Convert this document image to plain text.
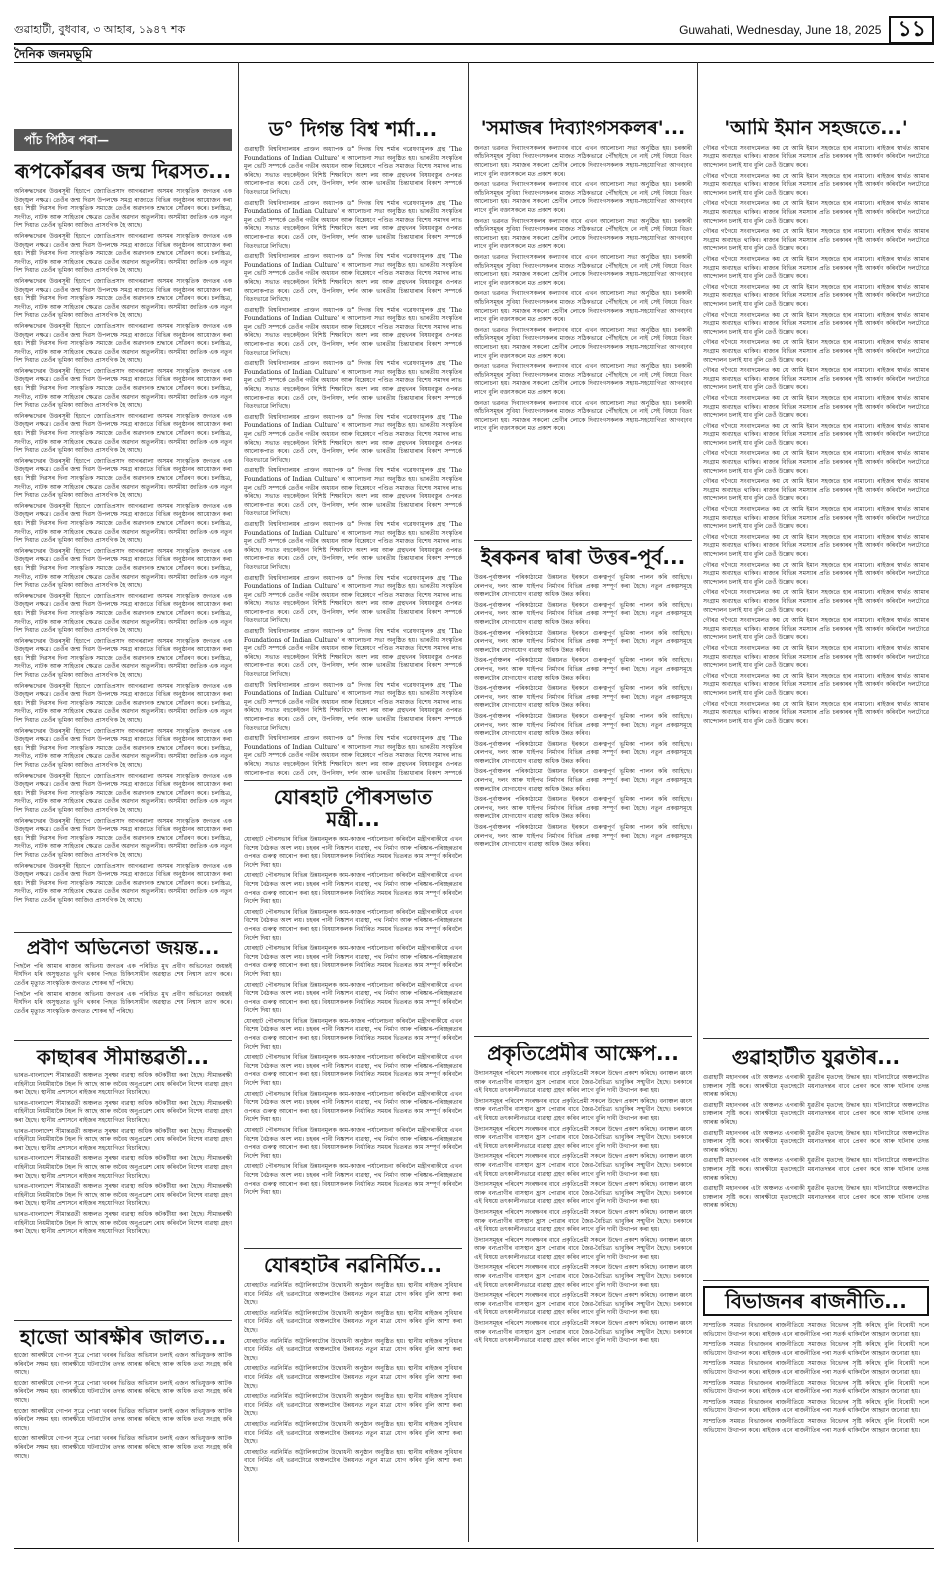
গুৱাহাটী, বুধবাৰ, ৩ আহাৰ, ১৯৪৭ শক	Guwahati, Wednesday, June 18, 2025 ১১
দৈনিক জনমভূমি
পাঁচ পিঠিৰ পৰা—
ৰূপকোঁৱৰৰ জন্ম দিৱসত...

অনিৰুদ্ধদেৱৰ উত্তৰসূৰী হিচাপে জ্যোতিপ্ৰসাদ আগৰৱালা অসমৰ সাংস্কৃতিক জগতৰ এক উজ্জ্বল নক্ষত্ৰ। তেওঁৰ জন্ম দিৱস উপলক্ষে সমগ্ৰ ৰাজ্যতে বিভিন্ন অনুষ্ঠানৰ আয়োজন কৰা হয়। শিল্পী দিৱসৰ দিনা সাংস্কৃতিক সমাজে তেওঁৰ অৱদানক শ্ৰদ্ধাৰে সোঁৱৰণ কৰে। চলচ্চিত্ৰ, সংগীত, নাটক আৰু সাহিত্যৰ ক্ষেত্ৰত তেওঁৰ অৱদান অতুলনীয়। অসমীয়া জাতিক এক নতুন দিশ দিয়াত তেওঁৰ ভূমিকা আজিও প্ৰাসংগিক হৈ আছে।

অনিৰুদ্ধদেৱৰ উত্তৰসূৰী হিচাপে জ্যোতিপ্ৰসাদ আগৰৱালা অসমৰ সাংস্কৃতিক জগতৰ এক উজ্জ্বল নক্ষত্ৰ। তেওঁৰ জন্ম দিৱস উপলক্ষে সমগ্ৰ ৰাজ্যতে বিভিন্ন অনুষ্ঠানৰ আয়োজন কৰা হয়। শিল্পী দিৱসৰ দিনা সাংস্কৃতিক সমাজে তেওঁৰ অৱদানক শ্ৰদ্ধাৰে সোঁৱৰণ কৰে। চলচ্চিত্ৰ, সংগীত, নাটক আৰু সাহিত্যৰ ক্ষেত্ৰত তেওঁৰ অৱদান অতুলনীয়। অসমীয়া জাতিক এক নতুন দিশ দিয়াত তেওঁৰ ভূমিকা আজিও প্ৰাসংগিক হৈ আছে।

অনিৰুদ্ধদেৱৰ উত্তৰসূৰী হিচাপে জ্যোতিপ্ৰসাদ আগৰৱালা অসমৰ সাংস্কৃতিক জগতৰ এক উজ্জ্বল নক্ষত্ৰ। তেওঁৰ জন্ম দিৱস উপলক্ষে সমগ্ৰ ৰাজ্যতে বিভিন্ন অনুষ্ঠানৰ আয়োজন কৰা হয়। শিল্পী দিৱসৰ দিনা সাংস্কৃতিক সমাজে তেওঁৰ অৱদানক শ্ৰদ্ধাৰে সোঁৱৰণ কৰে। চলচ্চিত্ৰ, সংগীত, নাটক আৰু সাহিত্যৰ ক্ষেত্ৰত তেওঁৰ অৱদান অতুলনীয়। অসমীয়া জাতিক এক নতুন দিশ দিয়াত তেওঁৰ ভূমিকা আজিও প্ৰাসংগিক হৈ আছে।

অনিৰুদ্ধদেৱৰ উত্তৰসূৰী হিচাপে জ্যোতিপ্ৰসাদ আগৰৱালা অসমৰ সাংস্কৃতিক জগতৰ এক উজ্জ্বল নক্ষত্ৰ। তেওঁৰ জন্ম দিৱস উপলক্ষে সমগ্ৰ ৰাজ্যতে বিভিন্ন অনুষ্ঠানৰ আয়োজন কৰা হয়। শিল্পী দিৱসৰ দিনা সাংস্কৃতিক সমাজে তেওঁৰ অৱদানক শ্ৰদ্ধাৰে সোঁৱৰণ কৰে। চলচ্চিত্ৰ, সংগীত, নাটক আৰু সাহিত্যৰ ক্ষেত্ৰত তেওঁৰ অৱদান অতুলনীয়। অসমীয়া জাতিক এক নতুন দিশ দিয়াত তেওঁৰ ভূমিকা আজিও প্ৰাসংগিক হৈ আছে।

অনিৰুদ্ধদেৱৰ উত্তৰসূৰী হিচাপে জ্যোতিপ্ৰসাদ আগৰৱালা অসমৰ সাংস্কৃতিক জগতৰ এক উজ্জ্বল নক্ষত্ৰ। তেওঁৰ জন্ম দিৱস উপলক্ষে সমগ্ৰ ৰাজ্যতে বিভিন্ন অনুষ্ঠানৰ আয়োজন কৰা হয়। শিল্পী দিৱসৰ দিনা সাংস্কৃতিক সমাজে তেওঁৰ অৱদানক শ্ৰদ্ধাৰে সোঁৱৰণ কৰে। চলচ্চিত্ৰ, সংগীত, নাটক আৰু সাহিত্যৰ ক্ষেত্ৰত তেওঁৰ অৱদান অতুলনীয়। অসমীয়া জাতিক এক নতুন দিশ দিয়াত তেওঁৰ ভূমিকা আজিও প্ৰাসংগিক হৈ আছে।

অনিৰুদ্ধদেৱৰ উত্তৰসূৰী হিচাপে জ্যোতিপ্ৰসাদ আগৰৱালা অসমৰ সাংস্কৃতিক জগতৰ এক উজ্জ্বল নক্ষত্ৰ। তেওঁৰ জন্ম দিৱস উপলক্ষে সমগ্ৰ ৰাজ্যতে বিভিন্ন অনুষ্ঠানৰ আয়োজন কৰা হয়। শিল্পী দিৱসৰ দিনা সাংস্কৃতিক সমাজে তেওঁৰ অৱদানক শ্ৰদ্ধাৰে সোঁৱৰণ কৰে। চলচ্চিত্ৰ, সংগীত, নাটক আৰু সাহিত্যৰ ক্ষেত্ৰত তেওঁৰ অৱদান অতুলনীয়। অসমীয়া জাতিক এক নতুন দিশ দিয়াত তেওঁৰ ভূমিকা আজিও প্ৰাসংগিক হৈ আছে।

অনিৰুদ্ধদেৱৰ উত্তৰসূৰী হিচাপে জ্যোতিপ্ৰসাদ আগৰৱালা অসমৰ সাংস্কৃতিক জগতৰ এক উজ্জ্বল নক্ষত্ৰ। তেওঁৰ জন্ম দিৱস উপলক্ষে সমগ্ৰ ৰাজ্যতে বিভিন্ন অনুষ্ঠানৰ আয়োজন কৰা হয়। শিল্পী দিৱসৰ দিনা সাংস্কৃতিক সমাজে তেওঁৰ অৱদানক শ্ৰদ্ধাৰে সোঁৱৰণ কৰে। চলচ্চিত্ৰ, সংগীত, নাটক আৰু সাহিত্যৰ ক্ষেত্ৰত তেওঁৰ অৱদান অতুলনীয়। অসমীয়া জাতিক এক নতুন দিশ দিয়াত তেওঁৰ ভূমিকা আজিও প্ৰাসংগিক হৈ আছে।

অনিৰুদ্ধদেৱৰ উত্তৰসূৰী হিচাপে জ্যোতিপ্ৰসাদ আগৰৱালা অসমৰ সাংস্কৃতিক জগতৰ এক উজ্জ্বল নক্ষত্ৰ। তেওঁৰ জন্ম দিৱস উপলক্ষে সমগ্ৰ ৰাজ্যতে বিভিন্ন অনুষ্ঠানৰ আয়োজন কৰা হয়। শিল্পী দিৱসৰ দিনা সাংস্কৃতিক সমাজে তেওঁৰ অৱদানক শ্ৰদ্ধাৰে সোঁৱৰণ কৰে। চলচ্চিত্ৰ, সংগীত, নাটক আৰু সাহিত্যৰ ক্ষেত্ৰত তেওঁৰ অৱদান অতুলনীয়। অসমীয়া জাতিক এক নতুন দিশ দিয়াত তেওঁৰ ভূমিকা আজিও প্ৰাসংগিক হৈ আছে।

অনিৰুদ্ধদেৱৰ উত্তৰসূৰী হিচাপে জ্যোতিপ্ৰসাদ আগৰৱালা অসমৰ সাংস্কৃতিক জগতৰ এক উজ্জ্বল নক্ষত্ৰ। তেওঁৰ জন্ম দিৱস উপলক্ষে সমগ্ৰ ৰাজ্যতে বিভিন্ন অনুষ্ঠানৰ আয়োজন কৰা হয়। শিল্পী দিৱসৰ দিনা সাংস্কৃতিক সমাজে তেওঁৰ অৱদানক শ্ৰদ্ধাৰে সোঁৱৰণ কৰে। চলচ্চিত্ৰ, সংগীত, নাটক আৰু সাহিত্যৰ ক্ষেত্ৰত তেওঁৰ অৱদান অতুলনীয়। অসমীয়া জাতিক এক নতুন দিশ দিয়াত তেওঁৰ ভূমিকা আজিও প্ৰাসংগিক হৈ আছে।

অনিৰুদ্ধদেৱৰ উত্তৰসূৰী হিচাপে জ্যোতিপ্ৰসাদ আগৰৱালা অসমৰ সাংস্কৃতিক জগতৰ এক উজ্জ্বল নক্ষত্ৰ। তেওঁৰ জন্ম দিৱস উপলক্ষে সমগ্ৰ ৰাজ্যতে বিভিন্ন অনুষ্ঠানৰ আয়োজন কৰা হয়। শিল্পী দিৱসৰ দিনা সাংস্কৃতিক সমাজে তেওঁৰ অৱদানক শ্ৰদ্ধাৰে সোঁৱৰণ কৰে। চলচ্চিত্ৰ, সংগীত, নাটক আৰু সাহিত্যৰ ক্ষেত্ৰত তেওঁৰ অৱদান অতুলনীয়। অসমীয়া জাতিক এক নতুন দিশ দিয়াত তেওঁৰ ভূমিকা আজিও প্ৰাসংগিক হৈ আছে।

অনিৰুদ্ধদেৱৰ উত্তৰসূৰী হিচাপে জ্যোতিপ্ৰসাদ আগৰৱালা অসমৰ সাংস্কৃতিক জগতৰ এক উজ্জ্বল নক্ষত্ৰ। তেওঁৰ জন্ম দিৱস উপলক্ষে সমগ্ৰ ৰাজ্যতে বিভিন্ন অনুষ্ঠানৰ আয়োজন কৰা হয়। শিল্পী দিৱসৰ দিনা সাংস্কৃতিক সমাজে তেওঁৰ অৱদানক শ্ৰদ্ধাৰে সোঁৱৰণ কৰে। চলচ্চিত্ৰ, সংগীত, নাটক আৰু সাহিত্যৰ ক্ষেত্ৰত তেওঁৰ অৱদান অতুলনীয়। অসমীয়া জাতিক এক নতুন দিশ দিয়াত তেওঁৰ ভূমিকা আজিও প্ৰাসংগিক হৈ আছে।

অনিৰুদ্ধদেৱৰ উত্তৰসূৰী হিচাপে জ্যোতিপ্ৰসাদ আগৰৱালা অসমৰ সাংস্কৃতিক জগতৰ এক উজ্জ্বল নক্ষত্ৰ। তেওঁৰ জন্ম দিৱস উপলক্ষে সমগ্ৰ ৰাজ্যতে বিভিন্ন অনুষ্ঠানৰ আয়োজন কৰা হয়। শিল্পী দিৱসৰ দিনা সাংস্কৃতিক সমাজে তেওঁৰ অৱদানক শ্ৰদ্ধাৰে সোঁৱৰণ কৰে। চলচ্চিত্ৰ, সংগীত, নাটক আৰু সাহিত্যৰ ক্ষেত্ৰত তেওঁৰ অৱদান অতুলনীয়। অসমীয়া জাতিক এক নতুন দিশ দিয়াত তেওঁৰ ভূমিকা আজিও প্ৰাসংগিক হৈ আছে।

অনিৰুদ্ধদেৱৰ উত্তৰসূৰী হিচাপে জ্যোতিপ্ৰসাদ আগৰৱালা অসমৰ সাংস্কৃতিক জগতৰ এক উজ্জ্বল নক্ষত্ৰ। তেওঁৰ জন্ম দিৱস উপলক্ষে সমগ্ৰ ৰাজ্যতে বিভিন্ন অনুষ্ঠানৰ আয়োজন কৰা হয়। শিল্পী দিৱসৰ দিনা সাংস্কৃতিক সমাজে তেওঁৰ অৱদানক শ্ৰদ্ধাৰে সোঁৱৰণ কৰে। চলচ্চিত্ৰ, সংগীত, নাটক আৰু সাহিত্যৰ ক্ষেত্ৰত তেওঁৰ অৱদান অতুলনীয়। অসমীয়া জাতিক এক নতুন দিশ দিয়াত তেওঁৰ ভূমিকা আজিও প্ৰাসংগিক হৈ আছে।

অনিৰুদ্ধদেৱৰ উত্তৰসূৰী হিচাপে জ্যোতিপ্ৰসাদ আগৰৱালা অসমৰ সাংস্কৃতিক জগতৰ এক উজ্জ্বল নক্ষত্ৰ। তেওঁৰ জন্ম দিৱস উপলক্ষে সমগ্ৰ ৰাজ্যতে বিভিন্ন অনুষ্ঠানৰ আয়োজন কৰা হয়। শিল্পী দিৱসৰ দিনা সাংস্কৃতিক সমাজে তেওঁৰ অৱদানক শ্ৰদ্ধাৰে সোঁৱৰণ কৰে। চলচ্চিত্ৰ, সংগীত, নাটক আৰু সাহিত্যৰ ক্ষেত্ৰত তেওঁৰ অৱদান অতুলনীয়। অসমীয়া জাতিক এক নতুন দিশ দিয়াত তেওঁৰ ভূমিকা আজিও প্ৰাসংগিক হৈ আছে।

অনিৰুদ্ধদেৱৰ উত্তৰসূৰী হিচাপে জ্যোতিপ্ৰসাদ আগৰৱালা অসমৰ সাংস্কৃতিক জগতৰ এক উজ্জ্বল নক্ষত্ৰ। তেওঁৰ জন্ম দিৱস উপলক্ষে সমগ্ৰ ৰাজ্যতে বিভিন্ন অনুষ্ঠানৰ আয়োজন কৰা হয়। শিল্পী দিৱসৰ দিনা সাংস্কৃতিক সমাজে তেওঁৰ অৱদানক শ্ৰদ্ধাৰে সোঁৱৰণ কৰে। চলচ্চিত্ৰ, সংগীত, নাটক আৰু সাহিত্যৰ ক্ষেত্ৰত তেওঁৰ অৱদান অতুলনীয়। অসমীয়া জাতিক এক নতুন দিশ দিয়াত তেওঁৰ ভূমিকা আজিও প্ৰাসংগিক হৈ আছে।

অনিৰুদ্ধদেৱৰ উত্তৰসূৰী হিচাপে জ্যোতিপ্ৰসাদ আগৰৱালা অসমৰ সাংস্কৃতিক জগতৰ এক উজ্জ্বল নক্ষত্ৰ। তেওঁৰ জন্ম দিৱস উপলক্ষে সমগ্ৰ ৰাজ্যতে বিভিন্ন অনুষ্ঠানৰ আয়োজন কৰা হয়। শিল্পী দিৱসৰ দিনা সাংস্কৃতিক সমাজে তেওঁৰ অৱদানক শ্ৰদ্ধাৰে সোঁৱৰণ কৰে। চলচ্চিত্ৰ, সংগীত, নাটক আৰু সাহিত্যৰ ক্ষেত্ৰত তেওঁৰ অৱদান অতুলনীয়। অসমীয়া জাতিক এক নতুন দিশ দিয়াত তেওঁৰ ভূমিকা আজিও প্ৰাসংগিক হৈ আছে।

প্ৰবীণ অভিনেতা জয়ন্ত...

পিছলৈ পৰি আমাৰ ৰাজ্যৰ অভিনয় জগতৰ এক পৰিচিত মুখ প্ৰবীণ অভিনেতা জয়ন্তই দীৰ্ঘদিন ধৰি অসুস্থতাত ভুগি থকাৰ পিছত চিকিৎসাধীন অৱস্থাত শেষ নিশ্বাস ত্যাগ কৰে। তেওঁৰ মৃত্যুত সাংস্কৃতিক জগতত শোকৰ ছাঁ পৰিছে।

পিছলৈ পৰি আমাৰ ৰাজ্যৰ অভিনয় জগতৰ এক পৰিচিত মুখ প্ৰবীণ অভিনেতা জয়ন্তই দীৰ্ঘদিন ধৰি অসুস্থতাত ভুগি থকাৰ পিছত চিকিৎসাধীন অৱস্থাত শেষ নিশ্বাস ত্যাগ কৰে। তেওঁৰ মৃত্যুত সাংস্কৃতিক জগতত শোকৰ ছাঁ পৰিছে।

কাছাৰৰ সীমান্তৱৰ্তী...

ভাৰত-বাংলাদেশ সীমান্তৱৰ্তী অঞ্চলত সুৰক্ষা ব্যৱস্থা অধিক কটকটীয়া কৰা হৈছে। সীমান্তৰক্ষী বাহিনীয়ে নিয়মীয়াকৈ টহল দি আছে আৰু অবৈধ অনুপ্ৰৱেশ ৰোধ কৰিবলৈ বিশেষ ব্যৱস্থা গ্ৰহণ কৰা হৈছে। স্থানীয় প্ৰশাসনে ৰাইজৰ সহযোগিতা বিচাৰিছে।

ভাৰত-বাংলাদেশ সীমান্তৱৰ্তী অঞ্চলত সুৰক্ষা ব্যৱস্থা অধিক কটকটীয়া কৰা হৈছে। সীমান্তৰক্ষী বাহিনীয়ে নিয়মীয়াকৈ টহল দি আছে আৰু অবৈধ অনুপ্ৰৱেশ ৰোধ কৰিবলৈ বিশেষ ব্যৱস্থা গ্ৰহণ কৰা হৈছে। স্থানীয় প্ৰশাসনে ৰাইজৰ সহযোগিতা বিচাৰিছে।

ভাৰত-বাংলাদেশ সীমান্তৱৰ্তী অঞ্চলত সুৰক্ষা ব্যৱস্থা অধিক কটকটীয়া কৰা হৈছে। সীমান্তৰক্ষী বাহিনীয়ে নিয়মীয়াকৈ টহল দি আছে আৰু অবৈধ অনুপ্ৰৱেশ ৰোধ কৰিবলৈ বিশেষ ব্যৱস্থা গ্ৰহণ কৰা হৈছে। স্থানীয় প্ৰশাসনে ৰাইজৰ সহযোগিতা বিচাৰিছে।

ভাৰত-বাংলাদেশ সীমান্তৱৰ্তী অঞ্চলত সুৰক্ষা ব্যৱস্থা অধিক কটকটীয়া কৰা হৈছে। সীমান্তৰক্ষী বাহিনীয়ে নিয়মীয়াকৈ টহল দি আছে আৰু অবৈধ অনুপ্ৰৱেশ ৰোধ কৰিবলৈ বিশেষ ব্যৱস্থা গ্ৰহণ কৰা হৈছে। স্থানীয় প্ৰশাসনে ৰাইজৰ সহযোগিতা বিচাৰিছে।

ভাৰত-বাংলাদেশ সীমান্তৱৰ্তী অঞ্চলত সুৰক্ষা ব্যৱস্থা অধিক কটকটীয়া কৰা হৈছে। সীমান্তৰক্ষী বাহিনীয়ে নিয়মীয়াকৈ টহল দি আছে আৰু অবৈধ অনুপ্ৰৱেশ ৰোধ কৰিবলৈ বিশেষ ব্যৱস্থা গ্ৰহণ কৰা হৈছে। স্থানীয় প্ৰশাসনে ৰাইজৰ সহযোগিতা বিচাৰিছে।

ভাৰত-বাংলাদেশ সীমান্তৱৰ্তী অঞ্চলত সুৰক্ষা ব্যৱস্থা অধিক কটকটীয়া কৰা হৈছে। সীমান্তৰক্ষী বাহিনীয়ে নিয়মীয়াকৈ টহল দি আছে আৰু অবৈধ অনুপ্ৰৱেশ ৰোধ কৰিবলৈ বিশেষ ব্যৱস্থা গ্ৰহণ কৰা হৈছে। স্থানীয় প্ৰশাসনে ৰাইজৰ সহযোগিতা বিচাৰিছে।

হাজো আৰক্ষীৰ জালত...

হাজো আৰক্ষীয়ে গোপন সূত্ৰে পোৱা খবৰৰ ভিত্তিত অভিযান চলাই এজন অভিযুক্তক আটক কৰিবলৈ সক্ষম হয়। আৰক্ষীয়ে ঘটনাটোৰ তদন্ত আৰম্ভ কৰিছে আৰু অধিক তথ্য সংগ্ৰহ কৰি আছে।

হাজো আৰক্ষীয়ে গোপন সূত্ৰে পোৱা খবৰৰ ভিত্তিত অভিযান চলাই এজন অভিযুক্তক আটক কৰিবলৈ সক্ষম হয়। আৰক্ষীয়ে ঘটনাটোৰ তদন্ত আৰম্ভ কৰিছে আৰু অধিক তথ্য সংগ্ৰহ কৰি আছে।

হাজো আৰক্ষীয়ে গোপন সূত্ৰে পোৱা খবৰৰ ভিত্তিত অভিযান চলাই এজন অভিযুক্তক আটক কৰিবলৈ সক্ষম হয়। আৰক্ষীয়ে ঘটনাটোৰ তদন্ত আৰম্ভ কৰিছে আৰু অধিক তথ্য সংগ্ৰহ কৰি আছে।

হাজো আৰক্ষীয়ে গোপন সূত্ৰে পোৱা খবৰৰ ভিত্তিত অভিযান চলাই এজন অভিযুক্তক আটক কৰিবলৈ সক্ষম হয়। আৰক্ষীয়ে ঘটনাটোৰ তদন্ত আৰম্ভ কৰিছে আৰু অধিক তথ্য সংগ্ৰহ কৰি আছে।

ড° দিগন্ত বিশ্ব শৰ্মা...

গুৱাহাটী বিশ্ববিদ্যালয়ৰ প্ৰাক্তন অধ্যাপক ড° দিগন্ত বিশ্ব শৰ্মাৰ গৱেষণামূলক গ্ৰন্থ 'The Foundations of Indian Culture' ৰ আলোচনা সভা অনুষ্ঠিত হয়। ভাৰতীয় সংস্কৃতিৰ মূল ভেটি সম্পৰ্কে তেওঁৰ গভীৰ অধ্যয়ন আৰু বিশ্লেষণে পণ্ডিত সমাজত বিশেষ সমাদৰ লাভ কৰিছে। সভাত বহুকেইজন বিশিষ্ট শিক্ষাবিদে অংশ লয় আৰু গ্ৰন্থখনৰ বিষয়বস্তুৰ ওপৰত আলোকপাত কৰে। তেওঁ বেদ, উপনিষদ, দৰ্শন আৰু ভাৰতীয় চিন্তাধাৰাৰ বিকাশ সম্পৰ্কে বিতংভাৱে লিখিছে।

গুৱাহাটী বিশ্ববিদ্যালয়ৰ প্ৰাক্তন অধ্যাপক ড° দিগন্ত বিশ্ব শৰ্মাৰ গৱেষণামূলক গ্ৰন্থ 'The Foundations of Indian Culture' ৰ আলোচনা সভা অনুষ্ঠিত হয়। ভাৰতীয় সংস্কৃতিৰ মূল ভেটি সম্পৰ্কে তেওঁৰ গভীৰ অধ্যয়ন আৰু বিশ্লেষণে পণ্ডিত সমাজত বিশেষ সমাদৰ লাভ কৰিছে। সভাত বহুকেইজন বিশিষ্ট শিক্ষাবিদে অংশ লয় আৰু গ্ৰন্থখনৰ বিষয়বস্তুৰ ওপৰত আলোকপাত কৰে। তেওঁ বেদ, উপনিষদ, দৰ্শন আৰু ভাৰতীয় চিন্তাধাৰাৰ বিকাশ সম্পৰ্কে বিতংভাৱে লিখিছে।

গুৱাহাটী বিশ্ববিদ্যালয়ৰ প্ৰাক্তন অধ্যাপক ড° দিগন্ত বিশ্ব শৰ্মাৰ গৱেষণামূলক গ্ৰন্থ 'The Foundations of Indian Culture' ৰ আলোচনা সভা অনুষ্ঠিত হয়। ভাৰতীয় সংস্কৃতিৰ মূল ভেটি সম্পৰ্কে তেওঁৰ গভীৰ অধ্যয়ন আৰু বিশ্লেষণে পণ্ডিত সমাজত বিশেষ সমাদৰ লাভ কৰিছে। সভাত বহুকেইজন বিশিষ্ট শিক্ষাবিদে অংশ লয় আৰু গ্ৰন্থখনৰ বিষয়বস্তুৰ ওপৰত আলোকপাত কৰে। তেওঁ বেদ, উপনিষদ, দৰ্শন আৰু ভাৰতীয় চিন্তাধাৰাৰ বিকাশ সম্পৰ্কে বিতংভাৱে লিখিছে।

গুৱাহাটী বিশ্ববিদ্যালয়ৰ প্ৰাক্তন অধ্যাপক ড° দিগন্ত বিশ্ব শৰ্মাৰ গৱেষণামূলক গ্ৰন্থ 'The Foundations of Indian Culture' ৰ আলোচনা সভা অনুষ্ঠিত হয়। ভাৰতীয় সংস্কৃতিৰ মূল ভেটি সম্পৰ্কে তেওঁৰ গভীৰ অধ্যয়ন আৰু বিশ্লেষণে পণ্ডিত সমাজত বিশেষ সমাদৰ লাভ কৰিছে। সভাত বহুকেইজন বিশিষ্ট শিক্ষাবিদে অংশ লয় আৰু গ্ৰন্থখনৰ বিষয়বস্তুৰ ওপৰত আলোকপাত কৰে। তেওঁ বেদ, উপনিষদ, দৰ্শন আৰু ভাৰতীয় চিন্তাধাৰাৰ বিকাশ সম্পৰ্কে বিতংভাৱে লিখিছে।

গুৱাহাটী বিশ্ববিদ্যালয়ৰ প্ৰাক্তন অধ্যাপক ড° দিগন্ত বিশ্ব শৰ্মাৰ গৱেষণামূলক গ্ৰন্থ 'The Foundations of Indian Culture' ৰ আলোচনা সভা অনুষ্ঠিত হয়। ভাৰতীয় সংস্কৃতিৰ মূল ভেটি সম্পৰ্কে তেওঁৰ গভীৰ অধ্যয়ন আৰু বিশ্লেষণে পণ্ডিত সমাজত বিশেষ সমাদৰ লাভ কৰিছে। সভাত বহুকেইজন বিশিষ্ট শিক্ষাবিদে অংশ লয় আৰু গ্ৰন্থখনৰ বিষয়বস্তুৰ ওপৰত আলোকপাত কৰে। তেওঁ বেদ, উপনিষদ, দৰ্শন আৰু ভাৰতীয় চিন্তাধাৰাৰ বিকাশ সম্পৰ্কে বিতংভাৱে লিখিছে।

গুৱাহাটী বিশ্ববিদ্যালয়ৰ প্ৰাক্তন অধ্যাপক ড° দিগন্ত বিশ্ব শৰ্মাৰ গৱেষণামূলক গ্ৰন্থ 'The Foundations of Indian Culture' ৰ আলোচনা সভা অনুষ্ঠিত হয়। ভাৰতীয় সংস্কৃতিৰ মূল ভেটি সম্পৰ্কে তেওঁৰ গভীৰ অধ্যয়ন আৰু বিশ্লেষণে পণ্ডিত সমাজত বিশেষ সমাদৰ লাভ কৰিছে। সভাত বহুকেইজন বিশিষ্ট শিক্ষাবিদে অংশ লয় আৰু গ্ৰন্থখনৰ বিষয়বস্তুৰ ওপৰত আলোকপাত কৰে। তেওঁ বেদ, উপনিষদ, দৰ্শন আৰু ভাৰতীয় চিন্তাধাৰাৰ বিকাশ সম্পৰ্কে বিতংভাৱে লিখিছে।

গুৱাহাটী বিশ্ববিদ্যালয়ৰ প্ৰাক্তন অধ্যাপক ড° দিগন্ত বিশ্ব শৰ্মাৰ গৱেষণামূলক গ্ৰন্থ 'The Foundations of Indian Culture' ৰ আলোচনা সভা অনুষ্ঠিত হয়। ভাৰতীয় সংস্কৃতিৰ মূল ভেটি সম্পৰ্কে তেওঁৰ গভীৰ অধ্যয়ন আৰু বিশ্লেষণে পণ্ডিত সমাজত বিশেষ সমাদৰ লাভ কৰিছে। সভাত বহুকেইজন বিশিষ্ট শিক্ষাবিদে অংশ লয় আৰু গ্ৰন্থখনৰ বিষয়বস্তুৰ ওপৰত আলোকপাত কৰে। তেওঁ বেদ, উপনিষদ, দৰ্শন আৰু ভাৰতীয় চিন্তাধাৰাৰ বিকাশ সম্পৰ্কে বিতংভাৱে লিখিছে।

গুৱাহাটী বিশ্ববিদ্যালয়ৰ প্ৰাক্তন অধ্যাপক ড° দিগন্ত বিশ্ব শৰ্মাৰ গৱেষণামূলক গ্ৰন্থ 'The Foundations of Indian Culture' ৰ আলোচনা সভা অনুষ্ঠিত হয়। ভাৰতীয় সংস্কৃতিৰ মূল ভেটি সম্পৰ্কে তেওঁৰ গভীৰ অধ্যয়ন আৰু বিশ্লেষণে পণ্ডিত সমাজত বিশেষ সমাদৰ লাভ কৰিছে। সভাত বহুকেইজন বিশিষ্ট শিক্ষাবিদে অংশ লয় আৰু গ্ৰন্থখনৰ বিষয়বস্তুৰ ওপৰত আলোকপাত কৰে। তেওঁ বেদ, উপনিষদ, দৰ্শন আৰু ভাৰতীয় চিন্তাধাৰাৰ বিকাশ সম্পৰ্কে বিতংভাৱে লিখিছে।

গুৱাহাটী বিশ্ববিদ্যালয়ৰ প্ৰাক্তন অধ্যাপক ড° দিগন্ত বিশ্ব শৰ্মাৰ গৱেষণামূলক গ্ৰন্থ 'The Foundations of Indian Culture' ৰ আলোচনা সভা অনুষ্ঠিত হয়। ভাৰতীয় সংস্কৃতিৰ মূল ভেটি সম্পৰ্কে তেওঁৰ গভীৰ অধ্যয়ন আৰু বিশ্লেষণে পণ্ডিত সমাজত বিশেষ সমাদৰ লাভ কৰিছে। সভাত বহুকেইজন বিশিষ্ট শিক্ষাবিদে অংশ লয় আৰু গ্ৰন্থখনৰ বিষয়বস্তুৰ ওপৰত আলোকপাত কৰে। তেওঁ বেদ, উপনিষদ, দৰ্শন আৰু ভাৰতীয় চিন্তাধাৰাৰ বিকাশ সম্পৰ্কে বিতংভাৱে লিখিছে।

গুৱাহাটী বিশ্ববিদ্যালয়ৰ প্ৰাক্তন অধ্যাপক ড° দিগন্ত বিশ্ব শৰ্মাৰ গৱেষণামূলক গ্ৰন্থ 'The Foundations of Indian Culture' ৰ আলোচনা সভা অনুষ্ঠিত হয়। ভাৰতীয় সংস্কৃতিৰ মূল ভেটি সম্পৰ্কে তেওঁৰ গভীৰ অধ্যয়ন আৰু বিশ্লেষণে পণ্ডিত সমাজত বিশেষ সমাদৰ লাভ কৰিছে। সভাত বহুকেইজন বিশিষ্ট শিক্ষাবিদে অংশ লয় আৰু গ্ৰন্থখনৰ বিষয়বস্তুৰ ওপৰত আলোকপাত কৰে। তেওঁ বেদ, উপনিষদ, দৰ্শন আৰু ভাৰতীয় চিন্তাধাৰাৰ বিকাশ সম্পৰ্কে বিতংভাৱে লিখিছে।

গুৱাহাটী বিশ্ববিদ্যালয়ৰ প্ৰাক্তন অধ্যাপক ড° দিগন্ত বিশ্ব শৰ্মাৰ গৱেষণামূলক গ্ৰন্থ 'The Foundations of Indian Culture' ৰ আলোচনা সভা অনুষ্ঠিত হয়। ভাৰতীয় সংস্কৃতিৰ মূল ভেটি সম্পৰ্কে তেওঁৰ গভীৰ অধ্যয়ন আৰু বিশ্লেষণে পণ্ডিত সমাজত বিশেষ সমাদৰ লাভ কৰিছে। সভাত বহুকেইজন বিশিষ্ট শিক্ষাবিদে অংশ লয় আৰু গ্ৰন্থখনৰ বিষয়বস্তুৰ ওপৰত আলোকপাত কৰে। তেওঁ বেদ, উপনিষদ, দৰ্শন আৰু ভাৰতীয় চিন্তাধাৰাৰ বিকাশ সম্পৰ্কে বিতংভাৱে লিখিছে।

গুৱাহাটী বিশ্ববিদ্যালয়ৰ প্ৰাক্তন অধ্যাপক ড° দিগন্ত বিশ্ব শৰ্মাৰ গৱেষণামূলক গ্ৰন্থ 'The Foundations of Indian Culture' ৰ আলোচনা সভা অনুষ্ঠিত হয়। ভাৰতীয় সংস্কৃতিৰ মূল ভেটি সম্পৰ্কে তেওঁৰ গভীৰ অধ্যয়ন আৰু বিশ্লেষণে পণ্ডিত সমাজত বিশেষ সমাদৰ লাভ কৰিছে। সভাত বহুকেইজন বিশিষ্ট শিক্ষাবিদে অংশ লয় আৰু গ্ৰন্থখনৰ বিষয়বস্তুৰ ওপৰত আলোকপাত কৰে। তেওঁ বেদ, উপনিষদ, দৰ্শন আৰু ভাৰতীয় চিন্তাধাৰাৰ বিকাশ সম্পৰ্কে

যোৰহাট পৌৰসভাত মন্ত্ৰী...

যোৰহাট পৌৰসভাৰ বিভিন্ন উন্নয়নমূলক কাম-কাজৰ পৰ্যালোচনা কৰিবলৈ মন্ত্ৰীগৰাকীয়ে এখন বিশেষ বৈঠকত অংশ লয়। চহৰৰ পানী নিষ্কাশন ব্যৱস্থা, পথ নিৰ্মাণ আৰু পৰিষ্কাৰ-পৰিচ্ছন্নতাৰ ওপৰত গুৰুত্ব আৰোপ কৰা হয়। বিষয়াসকলক নিৰ্ধাৰিত সময়ৰ ভিতৰত কাম সম্পূৰ্ণ কৰিবলৈ নিৰ্দেশ দিয়া হয়।

যোৰহাট পৌৰসভাৰ বিভিন্ন উন্নয়নমূলক কাম-কাজৰ পৰ্যালোচনা কৰিবলৈ মন্ত্ৰীগৰাকীয়ে এখন বিশেষ বৈঠকত অংশ লয়। চহৰৰ পানী নিষ্কাশন ব্যৱস্থা, পথ নিৰ্মাণ আৰু পৰিষ্কাৰ-পৰিচ্ছন্নতাৰ ওপৰত গুৰুত্ব আৰোপ কৰা হয়। বিষয়াসকলক নিৰ্ধাৰিত সময়ৰ ভিতৰত কাম সম্পূৰ্ণ কৰিবলৈ নিৰ্দেশ দিয়া হয়।

যোৰহাট পৌৰসভাৰ বিভিন্ন উন্নয়নমূলক কাম-কাজৰ পৰ্যালোচনা কৰিবলৈ মন্ত্ৰীগৰাকীয়ে এখন বিশেষ বৈঠকত অংশ লয়। চহৰৰ পানী নিষ্কাশন ব্যৱস্থা, পথ নিৰ্মাণ আৰু পৰিষ্কাৰ-পৰিচ্ছন্নতাৰ ওপৰত গুৰুত্ব আৰোপ কৰা হয়। বিষয়াসকলক নিৰ্ধাৰিত সময়ৰ ভিতৰত কাম সম্পূৰ্ণ কৰিবলৈ নিৰ্দেশ দিয়া হয়।

যোৰহাট পৌৰসভাৰ বিভিন্ন উন্নয়নমূলক কাম-কাজৰ পৰ্যালোচনা কৰিবলৈ মন্ত্ৰীগৰাকীয়ে এখন বিশেষ বৈঠকত অংশ লয়। চহৰৰ পানী নিষ্কাশন ব্যৱস্থা, পথ নিৰ্মাণ আৰু পৰিষ্কাৰ-পৰিচ্ছন্নতাৰ ওপৰত গুৰুত্ব আৰোপ কৰা হয়। বিষয়াসকলক নিৰ্ধাৰিত সময়ৰ ভিতৰত কাম সম্পূৰ্ণ কৰিবলৈ নিৰ্দেশ দিয়া হয়।

যোৰহাট পৌৰসভাৰ বিভিন্ন উন্নয়নমূলক কাম-কাজৰ পৰ্যালোচনা কৰিবলৈ মন্ত্ৰীগৰাকীয়ে এখন বিশেষ বৈঠকত অংশ লয়। চহৰৰ পানী নিষ্কাশন ব্যৱস্থা, পথ নিৰ্মাণ আৰু পৰিষ্কাৰ-পৰিচ্ছন্নতাৰ ওপৰত গুৰুত্ব আৰোপ কৰা হয়। বিষয়াসকলক নিৰ্ধাৰিত সময়ৰ ভিতৰত কাম সম্পূৰ্ণ কৰিবলৈ নিৰ্দেশ দিয়া হয়।

যোৰহাট পৌৰসভাৰ বিভিন্ন উন্নয়নমূলক কাম-কাজৰ পৰ্যালোচনা কৰিবলৈ মন্ত্ৰীগৰাকীয়ে এখন বিশেষ বৈঠকত অংশ লয়। চহৰৰ পানী নিষ্কাশন ব্যৱস্থা, পথ নিৰ্মাণ আৰু পৰিষ্কাৰ-পৰিচ্ছন্নতাৰ ওপৰত গুৰুত্ব আৰোপ কৰা হয়। বিষয়াসকলক নিৰ্ধাৰিত সময়ৰ ভিতৰত কাম সম্পূৰ্ণ কৰিবলৈ নিৰ্দেশ দিয়া হয়।

যোৰহাট পৌৰসভাৰ বিভিন্ন উন্নয়নমূলক কাম-কাজৰ পৰ্যালোচনা কৰিবলৈ মন্ত্ৰীগৰাকীয়ে এখন বিশেষ বৈঠকত অংশ লয়। চহৰৰ পানী নিষ্কাশন ব্যৱস্থা, পথ নিৰ্মাণ আৰু পৰিষ্কাৰ-পৰিচ্ছন্নতাৰ ওপৰত গুৰুত্ব আৰোপ কৰা হয়। বিষয়াসকলক নিৰ্ধাৰিত সময়ৰ ভিতৰত কাম সম্পূৰ্ণ কৰিবলৈ নিৰ্দেশ দিয়া হয়।

যোৰহাট পৌৰসভাৰ বিভিন্ন উন্নয়নমূলক কাম-কাজৰ পৰ্যালোচনা কৰিবলৈ মন্ত্ৰীগৰাকীয়ে এখন বিশেষ বৈঠকত অংশ লয়। চহৰৰ পানী নিষ্কাশন ব্যৱস্থা, পথ নিৰ্মাণ আৰু পৰিষ্কাৰ-পৰিচ্ছন্নতাৰ ওপৰত গুৰুত্ব আৰোপ কৰা হয়। বিষয়াসকলক নিৰ্ধাৰিত সময়ৰ ভিতৰত কাম সম্পূৰ্ণ কৰিবলৈ নিৰ্দেশ দিয়া হয়।

যোৰহাট পৌৰসভাৰ বিভিন্ন উন্নয়নমূলক কাম-কাজৰ পৰ্যালোচনা কৰিবলৈ মন্ত্ৰীগৰাকীয়ে এখন বিশেষ বৈঠকত অংশ লয়। চহৰৰ পানী নিষ্কাশন ব্যৱস্থা, পথ নিৰ্মাণ আৰু পৰিষ্কাৰ-পৰিচ্ছন্নতাৰ ওপৰত গুৰুত্ব আৰোপ কৰা হয়। বিষয়াসকলক নিৰ্ধাৰিত সময়ৰ ভিতৰত কাম সম্পূৰ্ণ কৰিবলৈ নিৰ্দেশ দিয়া হয়।

যোৰহাট পৌৰসভাৰ বিভিন্ন উন্নয়নমূলক কাম-কাজৰ পৰ্যালোচনা কৰিবলৈ মন্ত্ৰীগৰাকীয়ে এখন বিশেষ বৈঠকত অংশ লয়। চহৰৰ পানী নিষ্কাশন ব্যৱস্থা, পথ নিৰ্মাণ আৰু পৰিষ্কাৰ-পৰিচ্ছন্নতাৰ ওপৰত গুৰুত্ব আৰোপ কৰা হয়। বিষয়াসকলক নিৰ্ধাৰিত সময়ৰ ভিতৰত কাম সম্পূৰ্ণ কৰিবলৈ নিৰ্দেশ দিয়া হয়।

যোৰহাটৰ নৱনিৰ্মিত...

যোৰহাটত নৱনিৰ্মিত অট্টালিকাটোৰ উদ্বোধনী অনুষ্ঠান অনুষ্ঠিত হয়। স্থানীয় ৰাইজৰ সুবিধাৰ বাবে নিৰ্মিত এই ভৱনটোৱে অঞ্চলটোৰ উন্নয়নত নতুন মাত্ৰা যোগ কৰিব বুলি আশা কৰা হৈছে।

যোৰহাটত নৱনিৰ্মিত অট্টালিকাটোৰ উদ্বোধনী অনুষ্ঠান অনুষ্ঠিত হয়। স্থানীয় ৰাইজৰ সুবিধাৰ বাবে নিৰ্মিত এই ভৱনটোৱে অঞ্চলটোৰ উন্নয়নত নতুন মাত্ৰা যোগ কৰিব বুলি আশা কৰা হৈছে।

যোৰহাটত নৱনিৰ্মিত অট্টালিকাটোৰ উদ্বোধনী অনুষ্ঠান অনুষ্ঠিত হয়। স্থানীয় ৰাইজৰ সুবিধাৰ বাবে নিৰ্মিত এই ভৱনটোৱে অঞ্চলটোৰ উন্নয়নত নতুন মাত্ৰা যোগ কৰিব বুলি আশা কৰা হৈছে।

যোৰহাটত নৱনিৰ্মিত অট্টালিকাটোৰ উদ্বোধনী অনুষ্ঠান অনুষ্ঠিত হয়। স্থানীয় ৰাইজৰ সুবিধাৰ বাবে নিৰ্মিত এই ভৱনটোৱে অঞ্চলটোৰ উন্নয়নত নতুন মাত্ৰা যোগ কৰিব বুলি আশা কৰা হৈছে।

যোৰহাটত নৱনিৰ্মিত অট্টালিকাটোৰ উদ্বোধনী অনুষ্ঠান অনুষ্ঠিত হয়। স্থানীয় ৰাইজৰ সুবিধাৰ বাবে নিৰ্মিত এই ভৱনটোৱে অঞ্চলটোৰ উন্নয়নত নতুন মাত্ৰা যোগ কৰিব বুলি আশা কৰা হৈছে।

যোৰহাটত নৱনিৰ্মিত অট্টালিকাটোৰ উদ্বোধনী অনুষ্ঠান অনুষ্ঠিত হয়। স্থানীয় ৰাইজৰ সুবিধাৰ বাবে নিৰ্মিত এই ভৱনটোৱে অঞ্চলটোৰ উন্নয়নত নতুন মাত্ৰা যোগ কৰিব বুলি আশা কৰা হৈছে।

যোৰহাটত নৱনিৰ্মিত অট্টালিকাটোৰ উদ্বোধনী অনুষ্ঠান অনুষ্ঠিত হয়। স্থানীয় ৰাইজৰ সুবিধাৰ বাবে নিৰ্মিত এই ভৱনটোৱে অঞ্চলটোৰ উন্নয়নত নতুন মাত্ৰা যোগ কৰিব বুলি আশা কৰা হৈছে।

'সমাজৰ দিব্যাংগসকলৰ'...

জনতা ভৱনত দিব্যাংগসকলৰ কল্যাণৰ বাবে এখন আলোচনা সভা অনুষ্ঠিত হয়। চৰকাৰী আঁচনিসমূহৰ সুবিধা দিব্যাংগসকলৰ মাজত সঠিকভাৱে পৌঁছাইছে নে নাই সেই বিষয়ে বিতং আলোচনা হয়। সমাজৰ সকলো শ্ৰেণীৰ লোকে দিব্যাংগসকলক সহায়-সহযোগিতা আগবঢ়াব লাগে বুলি বক্তাসকলে মত প্ৰকাশ কৰে।

জনতা ভৱনত দিব্যাংগসকলৰ কল্যাণৰ বাবে এখন আলোচনা সভা অনুষ্ঠিত হয়। চৰকাৰী আঁচনিসমূহৰ সুবিধা দিব্যাংগসকলৰ মাজত সঠিকভাৱে পৌঁছাইছে নে নাই সেই বিষয়ে বিতং আলোচনা হয়। সমাজৰ সকলো শ্ৰেণীৰ লোকে দিব্যাংগসকলক সহায়-সহযোগিতা আগবঢ়াব লাগে বুলি বক্তাসকলে মত প্ৰকাশ কৰে।

জনতা ভৱনত দিব্যাংগসকলৰ কল্যাণৰ বাবে এখন আলোচনা সভা অনুষ্ঠিত হয়। চৰকাৰী আঁচনিসমূহৰ সুবিধা দিব্যাংগসকলৰ মাজত সঠিকভাৱে পৌঁছাইছে নে নাই সেই বিষয়ে বিতং আলোচনা হয়। সমাজৰ সকলো শ্ৰেণীৰ লোকে দিব্যাংগসকলক সহায়-সহযোগিতা আগবঢ়াব লাগে বুলি বক্তাসকলে মত প্ৰকাশ কৰে।

জনতা ভৱনত দিব্যাংগসকলৰ কল্যাণৰ বাবে এখন আলোচনা সভা অনুষ্ঠিত হয়। চৰকাৰী আঁচনিসমূহৰ সুবিধা দিব্যাংগসকলৰ মাজত সঠিকভাৱে পৌঁছাইছে নে নাই সেই বিষয়ে বিতং আলোচনা হয়। সমাজৰ সকলো শ্ৰেণীৰ লোকে দিব্যাংগসকলক সহায়-সহযোগিতা আগবঢ়াব লাগে বুলি বক্তাসকলে মত প্ৰকাশ কৰে।

জনতা ভৱনত দিব্যাংগসকলৰ কল্যাণৰ বাবে এখন আলোচনা সভা অনুষ্ঠিত হয়। চৰকাৰী আঁচনিসমূহৰ সুবিধা দিব্যাংগসকলৰ মাজত সঠিকভাৱে পৌঁছাইছে নে নাই সেই বিষয়ে বিতং আলোচনা হয়। সমাজৰ সকলো শ্ৰেণীৰ লোকে দিব্যাংগসকলক সহায়-সহযোগিতা আগবঢ়াব লাগে বুলি বক্তাসকলে মত প্ৰকাশ কৰে।

জনতা ভৱনত দিব্যাংগসকলৰ কল্যাণৰ বাবে এখন আলোচনা সভা অনুষ্ঠিত হয়। চৰকাৰী আঁচনিসমূহৰ সুবিধা দিব্যাংগসকলৰ মাজত সঠিকভাৱে পৌঁছাইছে নে নাই সেই বিষয়ে বিতং আলোচনা হয়। সমাজৰ সকলো শ্ৰেণীৰ লোকে দিব্যাংগসকলক সহায়-সহযোগিতা আগবঢ়াব লাগে বুলি বক্তাসকলে মত প্ৰকাশ কৰে।

জনতা ভৱনত দিব্যাংগসকলৰ কল্যাণৰ বাবে এখন আলোচনা সভা অনুষ্ঠিত হয়। চৰকাৰী আঁচনিসমূহৰ সুবিধা দিব্যাংগসকলৰ মাজত সঠিকভাৱে পৌঁছাইছে নে নাই সেই বিষয়ে বিতং আলোচনা হয়। সমাজৰ সকলো শ্ৰেণীৰ লোকে দিব্যাংগসকলক সহায়-সহযোগিতা আগবঢ়াব লাগে বুলি বক্তাসকলে মত প্ৰকাশ কৰে।

জনতা ভৱনত দিব্যাংগসকলৰ কল্যাণৰ বাবে এখন আলোচনা সভা অনুষ্ঠিত হয়। চৰকাৰী আঁচনিসমূহৰ সুবিধা দিব্যাংগসকলৰ মাজত সঠিকভাৱে পৌঁছাইছে নে নাই সেই বিষয়ে বিতং আলোচনা হয়। সমাজৰ সকলো শ্ৰেণীৰ লোকে দিব্যাংগসকলক সহায়-সহযোগিতা আগবঢ়াব লাগে বুলি বক্তাসকলে মত প্ৰকাশ কৰে।

ইৰকনৰ দ্বাৰা উত্তৰ-পূৰ্ব...

উত্তৰ-পূৰ্বাঞ্চলৰ পৰিকাঠামো উন্নয়নত ইৰকনে গুৰুত্বপূৰ্ণ ভূমিকা পালন কৰি আহিছে। ৰেলপথ, দলং আৰু ঘাইপথ নিৰ্মাণৰ বিভিন্ন প্ৰকল্প সম্পূৰ্ণ কৰা হৈছে। নতুন প্ৰকল্পসমূহে অঞ্চলটোৰ যোগাযোগ ব্যৱস্থা অধিক উন্নত কৰিব।

উত্তৰ-পূৰ্বাঞ্চলৰ পৰিকাঠামো উন্নয়নত ইৰকনে গুৰুত্বপূৰ্ণ ভূমিকা পালন কৰি আহিছে। ৰেলপথ, দলং আৰু ঘাইপথ নিৰ্মাণৰ বিভিন্ন প্ৰকল্প সম্পূৰ্ণ কৰা হৈছে। নতুন প্ৰকল্পসমূহে অঞ্চলটোৰ যোগাযোগ ব্যৱস্থা অধিক উন্নত কৰিব।

উত্তৰ-পূৰ্বাঞ্চলৰ পৰিকাঠামো উন্নয়নত ইৰকনে গুৰুত্বপূৰ্ণ ভূমিকা পালন কৰি আহিছে। ৰেলপথ, দলং আৰু ঘাইপথ নিৰ্মাণৰ বিভিন্ন প্ৰকল্প সম্পূৰ্ণ কৰা হৈছে। নতুন প্ৰকল্পসমূহে অঞ্চলটোৰ যোগাযোগ ব্যৱস্থা অধিক উন্নত কৰিব।

উত্তৰ-পূৰ্বাঞ্চলৰ পৰিকাঠামো উন্নয়নত ইৰকনে গুৰুত্বপূৰ্ণ ভূমিকা পালন কৰি আহিছে। ৰেলপথ, দলং আৰু ঘাইপথ নিৰ্মাণৰ বিভিন্ন প্ৰকল্প সম্পূৰ্ণ কৰা হৈছে। নতুন প্ৰকল্পসমূহে অঞ্চলটোৰ যোগাযোগ ব্যৱস্থা অধিক উন্নত কৰিব।

উত্তৰ-পূৰ্বাঞ্চলৰ পৰিকাঠামো উন্নয়নত ইৰকনে গুৰুত্বপূৰ্ণ ভূমিকা পালন কৰি আহিছে। ৰেলপথ, দলং আৰু ঘাইপথ নিৰ্মাণৰ বিভিন্ন প্ৰকল্প সম্পূৰ্ণ কৰা হৈছে। নতুন প্ৰকল্পসমূহে অঞ্চলটোৰ যোগাযোগ ব্যৱস্থা অধিক উন্নত কৰিব।

উত্তৰ-পূৰ্বাঞ্চলৰ পৰিকাঠামো উন্নয়নত ইৰকনে গুৰুত্বপূৰ্ণ ভূমিকা পালন কৰি আহিছে। ৰেলপথ, দলং আৰু ঘাইপথ নিৰ্মাণৰ বিভিন্ন প্ৰকল্প সম্পূৰ্ণ কৰা হৈছে। নতুন প্ৰকল্পসমূহে অঞ্চলটোৰ যোগাযোগ ব্যৱস্থা অধিক উন্নত কৰিব।

উত্তৰ-পূৰ্বাঞ্চলৰ পৰিকাঠামো উন্নয়নত ইৰকনে গুৰুত্বপূৰ্ণ ভূমিকা পালন কৰি আহিছে। ৰেলপথ, দলং আৰু ঘাইপথ নিৰ্মাণৰ বিভিন্ন প্ৰকল্প সম্পূৰ্ণ কৰা হৈছে। নতুন প্ৰকল্পসমূহে অঞ্চলটোৰ যোগাযোগ ব্যৱস্থা অধিক উন্নত কৰিব।

উত্তৰ-পূৰ্বাঞ্চলৰ পৰিকাঠামো উন্নয়নত ইৰকনে গুৰুত্বপূৰ্ণ ভূমিকা পালন কৰি আহিছে। ৰেলপথ, দলং আৰু ঘাইপথ নিৰ্মাণৰ বিভিন্ন প্ৰকল্প সম্পূৰ্ণ কৰা হৈছে। নতুন প্ৰকল্পসমূহে অঞ্চলটোৰ যোগাযোগ ব্যৱস্থা অধিক উন্নত কৰিব।

উত্তৰ-পূৰ্বাঞ্চলৰ পৰিকাঠামো উন্নয়নত ইৰকনে গুৰুত্বপূৰ্ণ ভূমিকা পালন কৰি আহিছে। ৰেলপথ, দলং আৰু ঘাইপথ নিৰ্মাণৰ বিভিন্ন প্ৰকল্প সম্পূৰ্ণ কৰা হৈছে। নতুন প্ৰকল্পসমূহে অঞ্চলটোৰ যোগাযোগ ব্যৱস্থা অধিক উন্নত কৰিব।

উত্তৰ-পূৰ্বাঞ্চলৰ পৰিকাঠামো উন্নয়নত ইৰকনে গুৰুত্বপূৰ্ণ ভূমিকা পালন কৰি আহিছে। ৰেলপথ, দলং আৰু ঘাইপথ নিৰ্মাণৰ বিভিন্ন প্ৰকল্প সম্পূৰ্ণ কৰা হৈছে। নতুন প্ৰকল্পসমূহে অঞ্চলটোৰ যোগাযোগ ব্যৱস্থা অধিক উন্নত কৰিব।

প্ৰকৃতিপ্ৰেমীৰ আক্ষেপ...

উদ্যানসমূহৰ পৰিবেশ সংৰক্ষণৰ বাবে প্ৰকৃতিপ্ৰেমী সকলে উদ্বেগ প্ৰকাশ কৰিছে। বনাঞ্চল ধ্বংস আৰু বন্যপ্ৰাণীৰ বাসস্থান হ্ৰাস পোৱাৰ বাবে জৈৱ-বৈচিত্ৰ্য ভাবুকিৰ সন্মুখীন হৈছে। চৰকাৰে এই বিষয়ে তৎকালীনভাৱে ব্যৱস্থা গ্ৰহণ কৰিব লাগে বুলি দাবী উত্থাপন কৰা হয়।

উদ্যানসমূহৰ পৰিবেশ সংৰক্ষণৰ বাবে প্ৰকৃতিপ্ৰেমী সকলে উদ্বেগ প্ৰকাশ কৰিছে। বনাঞ্চল ধ্বংস আৰু বন্যপ্ৰাণীৰ বাসস্থান হ্ৰাস পোৱাৰ বাবে জৈৱ-বৈচিত্ৰ্য ভাবুকিৰ সন্মুখীন হৈছে। চৰকাৰে এই বিষয়ে তৎকালীনভাৱে ব্যৱস্থা গ্ৰহণ কৰিব লাগে বুলি দাবী উত্থাপন কৰা হয়।

উদ্যানসমূহৰ পৰিবেশ সংৰক্ষণৰ বাবে প্ৰকৃতিপ্ৰেমী সকলে উদ্বেগ প্ৰকাশ কৰিছে। বনাঞ্চল ধ্বংস আৰু বন্যপ্ৰাণীৰ বাসস্থান হ্ৰাস পোৱাৰ বাবে জৈৱ-বৈচিত্ৰ্য ভাবুকিৰ সন্মুখীন হৈছে। চৰকাৰে এই বিষয়ে তৎকালীনভাৱে ব্যৱস্থা গ্ৰহণ কৰিব লাগে বুলি দাবী উত্থাপন কৰা হয়।

উদ্যানসমূহৰ পৰিবেশ সংৰক্ষণৰ বাবে প্ৰকৃতিপ্ৰেমী সকলে উদ্বেগ প্ৰকাশ কৰিছে। বনাঞ্চল ধ্বংস আৰু বন্যপ্ৰাণীৰ বাসস্থান হ্ৰাস পোৱাৰ বাবে জৈৱ-বৈচিত্ৰ্য ভাবুকিৰ সন্মুখীন হৈছে। চৰকাৰে এই বিষয়ে তৎকালীনভাৱে ব্যৱস্থা গ্ৰহণ কৰিব লাগে বুলি দাবী উত্থাপন কৰা হয়।

উদ্যানসমূহৰ পৰিবেশ সংৰক্ষণৰ বাবে প্ৰকৃতিপ্ৰেমী সকলে উদ্বেগ প্ৰকাশ কৰিছে। বনাঞ্চল ধ্বংস আৰু বন্যপ্ৰাণীৰ বাসস্থান হ্ৰাস পোৱাৰ বাবে জৈৱ-বৈচিত্ৰ্য ভাবুকিৰ সন্মুখীন হৈছে। চৰকাৰে এই বিষয়ে তৎকালীনভাৱে ব্যৱস্থা গ্ৰহণ কৰিব লাগে বুলি দাবী উত্থাপন কৰা হয়।

উদ্যানসমূহৰ পৰিবেশ সংৰক্ষণৰ বাবে প্ৰকৃতিপ্ৰেমী সকলে উদ্বেগ প্ৰকাশ কৰিছে। বনাঞ্চল ধ্বংস আৰু বন্যপ্ৰাণীৰ বাসস্থান হ্ৰাস পোৱাৰ বাবে জৈৱ-বৈচিত্ৰ্য ভাবুকিৰ সন্মুখীন হৈছে। চৰকাৰে এই বিষয়ে তৎকালীনভাৱে ব্যৱস্থা গ্ৰহণ কৰিব লাগে বুলি দাবী উত্থাপন কৰা হয়।

উদ্যানসমূহৰ পৰিবেশ সংৰক্ষণৰ বাবে প্ৰকৃতিপ্ৰেমী সকলে উদ্বেগ প্ৰকাশ কৰিছে। বনাঞ্চল ধ্বংস আৰু বন্যপ্ৰাণীৰ বাসস্থান হ্ৰাস পোৱাৰ বাবে জৈৱ-বৈচিত্ৰ্য ভাবুকিৰ সন্মুখীন হৈছে। চৰকাৰে এই বিষয়ে তৎকালীনভাৱে ব্যৱস্থা গ্ৰহণ কৰিব লাগে বুলি দাবী উত্থাপন কৰা হয়।

উদ্যানসমূহৰ পৰিবেশ সংৰক্ষণৰ বাবে প্ৰকৃতিপ্ৰেমী সকলে উদ্বেগ প্ৰকাশ কৰিছে। বনাঞ্চল ধ্বংস আৰু বন্যপ্ৰাণীৰ বাসস্থান হ্ৰাস পোৱাৰ বাবে জৈৱ-বৈচিত্ৰ্য ভাবুকিৰ সন্মুখীন হৈছে। চৰকাৰে এই বিষয়ে তৎকালীনভাৱে ব্যৱস্থা গ্ৰহণ কৰিব লাগে বুলি দাবী উত্থাপন কৰা হয়।

উদ্যানসমূহৰ পৰিবেশ সংৰক্ষণৰ বাবে প্ৰকৃতিপ্ৰেমী সকলে উদ্বেগ প্ৰকাশ কৰিছে। বনাঞ্চল ধ্বংস আৰু বন্যপ্ৰাণীৰ বাসস্থান হ্ৰাস পোৱাৰ বাবে জৈৱ-বৈচিত্ৰ্য ভাবুকিৰ সন্মুখীন হৈছে। চৰকাৰে এই বিষয়ে তৎকালীনভাৱে ব্যৱস্থা গ্ৰহণ কৰিব লাগে বুলি দাবী উত্থাপন কৰা হয়।

উদ্যানসমূহৰ পৰিবেশ সংৰক্ষণৰ বাবে প্ৰকৃতিপ্ৰেমী সকলে উদ্বেগ প্ৰকাশ কৰিছে। বনাঞ্চল ধ্বংস আৰু বন্যপ্ৰাণীৰ বাসস্থান হ্ৰাস পোৱাৰ বাবে জৈৱ-বৈচিত্ৰ্য ভাবুকিৰ সন্মুখীন হৈছে। চৰকাৰে এই বিষয়ে তৎকালীনভাৱে ব্যৱস্থা গ্ৰহণ কৰিব লাগে বুলি দাবী উত্থাপন কৰা হয়।

'আমি ইমান সহজতে...'

গৌৰৱ গগৈয়ে সংবাদমেলত কয় যে আমি ইমান সহজতে হাৰ নামানো। ৰাইজৰ স্বাৰ্থত আমাৰ সংগ্ৰাম অব্যাহত থাকিব। ৰাজ্যৰ বিভিন্ন সমস্যাৰ প্ৰতি চৰকাৰৰ দৃষ্টি আকৰ্ষণ কৰিবলৈ দলটোৱে আন্দোলন চলাই যাব বুলি তেওঁ উল্লেখ কৰে।

গৌৰৱ গগৈয়ে সংবাদমেলত কয় যে আমি ইমান সহজতে হাৰ নামানো। ৰাইজৰ স্বাৰ্থত আমাৰ সংগ্ৰাম অব্যাহত থাকিব। ৰাজ্যৰ বিভিন্ন সমস্যাৰ প্ৰতি চৰকাৰৰ দৃষ্টি আকৰ্ষণ কৰিবলৈ দলটোৱে আন্দোলন চলাই যাব বুলি তেওঁ উল্লেখ কৰে।

গৌৰৱ গগৈয়ে সংবাদমেলত কয় যে আমি ইমান সহজতে হাৰ নামানো। ৰাইজৰ স্বাৰ্থত আমাৰ সংগ্ৰাম অব্যাহত থাকিব। ৰাজ্যৰ বিভিন্ন সমস্যাৰ প্ৰতি চৰকাৰৰ দৃষ্টি আকৰ্ষণ কৰিবলৈ দলটোৱে আন্দোলন চলাই যাব বুলি তেওঁ উল্লেখ কৰে।

গৌৰৱ গগৈয়ে সংবাদমেলত কয় যে আমি ইমান সহজতে হাৰ নামানো। ৰাইজৰ স্বাৰ্থত আমাৰ সংগ্ৰাম অব্যাহত থাকিব। ৰাজ্যৰ বিভিন্ন সমস্যাৰ প্ৰতি চৰকাৰৰ দৃষ্টি আকৰ্ষণ কৰিবলৈ দলটোৱে আন্দোলন চলাই যাব বুলি তেওঁ উল্লেখ কৰে।

গৌৰৱ গগৈয়ে সংবাদমেলত কয় যে আমি ইমান সহজতে হাৰ নামানো। ৰাইজৰ স্বাৰ্থত আমাৰ সংগ্ৰাম অব্যাহত থাকিব। ৰাজ্যৰ বিভিন্ন সমস্যাৰ প্ৰতি চৰকাৰৰ দৃষ্টি আকৰ্ষণ কৰিবলৈ দলটোৱে আন্দোলন চলাই যাব বুলি তেওঁ উল্লেখ কৰে।

গৌৰৱ গগৈয়ে সংবাদমেলত কয় যে আমি ইমান সহজতে হাৰ নামানো। ৰাইজৰ স্বাৰ্থত আমাৰ সংগ্ৰাম অব্যাহত থাকিব। ৰাজ্যৰ বিভিন্ন সমস্যাৰ প্ৰতি চৰকাৰৰ দৃষ্টি আকৰ্ষণ কৰিবলৈ দলটোৱে আন্দোলন চলাই যাব বুলি তেওঁ উল্লেখ কৰে।

গৌৰৱ গগৈয়ে সংবাদমেলত কয় যে আমি ইমান সহজতে হাৰ নামানো। ৰাইজৰ স্বাৰ্থত আমাৰ সংগ্ৰাম অব্যাহত থাকিব। ৰাজ্যৰ বিভিন্ন সমস্যাৰ প্ৰতি চৰকাৰৰ দৃষ্টি আকৰ্ষণ কৰিবলৈ দলটোৱে আন্দোলন চলাই যাব বুলি তেওঁ উল্লেখ কৰে।

গৌৰৱ গগৈয়ে সংবাদমেলত কয় যে আমি ইমান সহজতে হাৰ নামানো। ৰাইজৰ স্বাৰ্থত আমাৰ সংগ্ৰাম অব্যাহত থাকিব। ৰাজ্যৰ বিভিন্ন সমস্যাৰ প্ৰতি চৰকাৰৰ দৃষ্টি আকৰ্ষণ কৰিবলৈ দলটোৱে আন্দোলন চলাই যাব বুলি তেওঁ উল্লেখ কৰে।

গৌৰৱ গগৈয়ে সংবাদমেলত কয় যে আমি ইমান সহজতে হাৰ নামানো। ৰাইজৰ স্বাৰ্থত আমাৰ সংগ্ৰাম অব্যাহত থাকিব। ৰাজ্যৰ বিভিন্ন সমস্যাৰ প্ৰতি চৰকাৰৰ দৃষ্টি আকৰ্ষণ কৰিবলৈ দলটোৱে আন্দোলন চলাই যাব বুলি তেওঁ উল্লেখ কৰে।

গৌৰৱ গগৈয়ে সংবাদমেলত কয় যে আমি ইমান সহজতে হাৰ নামানো। ৰাইজৰ স্বাৰ্থত আমাৰ সংগ্ৰাম অব্যাহত থাকিব। ৰাজ্যৰ বিভিন্ন সমস্যাৰ প্ৰতি চৰকাৰৰ দৃষ্টি আকৰ্ষণ কৰিবলৈ দলটোৱে আন্দোলন চলাই যাব বুলি তেওঁ উল্লেখ কৰে।

গৌৰৱ গগৈয়ে সংবাদমেলত কয় যে আমি ইমান সহজতে হাৰ নামানো। ৰাইজৰ স্বাৰ্থত আমাৰ সংগ্ৰাম অব্যাহত থাকিব। ৰাজ্যৰ বিভিন্ন সমস্যাৰ প্ৰতি চৰকাৰৰ দৃষ্টি আকৰ্ষণ কৰিবলৈ দলটোৱে আন্দোলন চলাই যাব বুলি তেওঁ উল্লেখ কৰে।

গৌৰৱ গগৈয়ে সংবাদমেলত কয় যে আমি ইমান সহজতে হাৰ নামানো। ৰাইজৰ স্বাৰ্থত আমাৰ সংগ্ৰাম অব্যাহত থাকিব। ৰাজ্যৰ বিভিন্ন সমস্যাৰ প্ৰতি চৰকাৰৰ দৃষ্টি আকৰ্ষণ কৰিবলৈ দলটোৱে আন্দোলন চলাই যাব বুলি তেওঁ উল্লেখ কৰে।

গৌৰৱ গগৈয়ে সংবাদমেলত কয় যে আমি ইমান সহজতে হাৰ নামানো। ৰাইজৰ স্বাৰ্থত আমাৰ সংগ্ৰাম অব্যাহত থাকিব। ৰাজ্যৰ বিভিন্ন সমস্যাৰ প্ৰতি চৰকাৰৰ দৃষ্টি আকৰ্ষণ কৰিবলৈ দলটোৱে আন্দোলন চলাই যাব বুলি তেওঁ উল্লেখ কৰে।

গৌৰৱ গগৈয়ে সংবাদমেলত কয় যে আমি ইমান সহজতে হাৰ নামানো। ৰাইজৰ স্বাৰ্থত আমাৰ সংগ্ৰাম অব্যাহত থাকিব। ৰাজ্যৰ বিভিন্ন সমস্যাৰ প্ৰতি চৰকাৰৰ দৃষ্টি আকৰ্ষণ কৰিবলৈ দলটোৱে আন্দোলন চলাই যাব বুলি তেওঁ উল্লেখ কৰে।

গৌৰৱ গগৈয়ে সংবাদমেলত কয় যে আমি ইমান সহজতে হাৰ নামানো। ৰাইজৰ স্বাৰ্থত আমাৰ সংগ্ৰাম অব্যাহত থাকিব। ৰাজ্যৰ বিভিন্ন সমস্যাৰ প্ৰতি চৰকাৰৰ দৃষ্টি আকৰ্ষণ কৰিবলৈ দলটোৱে আন্দোলন চলাই যাব বুলি তেওঁ উল্লেখ কৰে।

গৌৰৱ গগৈয়ে সংবাদমেলত কয় যে আমি ইমান সহজতে হাৰ নামানো। ৰাইজৰ স্বাৰ্থত আমাৰ সংগ্ৰাম অব্যাহত থাকিব। ৰাজ্যৰ বিভিন্ন সমস্যাৰ প্ৰতি চৰকাৰৰ দৃষ্টি আকৰ্ষণ কৰিবলৈ দলটোৱে আন্দোলন চলাই যাব বুলি তেওঁ উল্লেখ কৰে।

গৌৰৱ গগৈয়ে সংবাদমেলত কয় যে আমি ইমান সহজতে হাৰ নামানো। ৰাইজৰ স্বাৰ্থত আমাৰ সংগ্ৰাম অব্যাহত থাকিব। ৰাজ্যৰ বিভিন্ন সমস্যাৰ প্ৰতি চৰকাৰৰ দৃষ্টি আকৰ্ষণ কৰিবলৈ দলটোৱে আন্দোলন চলাই যাব বুলি তেওঁ উল্লেখ কৰে।

গৌৰৱ গগৈয়ে সংবাদমেলত কয় যে আমি ইমান সহজতে হাৰ নামানো। ৰাইজৰ স্বাৰ্থত আমাৰ সংগ্ৰাম অব্যাহত থাকিব। ৰাজ্যৰ বিভিন্ন সমস্যাৰ প্ৰতি চৰকাৰৰ দৃষ্টি আকৰ্ষণ কৰিবলৈ দলটোৱে আন্দোলন চলাই যাব বুলি তেওঁ উল্লেখ কৰে।

গৌৰৱ গগৈয়ে সংবাদমেলত কয় যে আমি ইমান সহজতে হাৰ নামানো। ৰাইজৰ স্বাৰ্থত আমাৰ সংগ্ৰাম অব্যাহত থাকিব। ৰাজ্যৰ বিভিন্ন সমস্যাৰ প্ৰতি চৰকাৰৰ দৃষ্টি আকৰ্ষণ কৰিবলৈ দলটোৱে আন্দোলন চলাই যাব বুলি তেওঁ উল্লেখ কৰে।

গৌৰৱ গগৈয়ে সংবাদমেলত কয় যে আমি ইমান সহজতে হাৰ নামানো। ৰাইজৰ স্বাৰ্থত আমাৰ সংগ্ৰাম অব্যাহত থাকিব। ৰাজ্যৰ বিভিন্ন সমস্যাৰ প্ৰতি চৰকাৰৰ দৃষ্টি আকৰ্ষণ কৰিবলৈ দলটোৱে আন্দোলন চলাই যাব বুলি তেওঁ উল্লেখ কৰে।

গৌৰৱ গগৈয়ে সংবাদমেলত কয় যে আমি ইমান সহজতে হাৰ নামানো। ৰাইজৰ স্বাৰ্থত আমাৰ সংগ্ৰাম অব্যাহত থাকিব। ৰাজ্যৰ বিভিন্ন সমস্যাৰ প্ৰতি চৰকাৰৰ দৃষ্টি আকৰ্ষণ কৰিবলৈ দলটোৱে আন্দোলন চলাই যাব বুলি তেওঁ উল্লেখ কৰে।

গুৱাহাটীত যুৱতীৰ...

গুৱাহাটী মহানগৰৰ এটা অঞ্চলত এগৰাকী যুৱতীৰ মৃতদেহ উদ্ধাৰ হয়। ঘটনাটোৱে অঞ্চলটোত চাঞ্চল্যৰ সৃষ্টি কৰে। আৰক্ষীয়ে মৃতদেহটো ময়নাতদন্তৰ বাবে প্ৰেৰণ কৰে আৰু ঘটনাৰ তদন্ত আৰম্ভ কৰিছে।

গুৱাহাটী মহানগৰৰ এটা অঞ্চলত এগৰাকী যুৱতীৰ মৃতদেহ উদ্ধাৰ হয়। ঘটনাটোৱে অঞ্চলটোত চাঞ্চল্যৰ সৃষ্টি কৰে। আৰক্ষীয়ে মৃতদেহটো ময়নাতদন্তৰ বাবে প্ৰেৰণ কৰে আৰু ঘটনাৰ তদন্ত আৰম্ভ কৰিছে।

গুৱাহাটী মহানগৰৰ এটা অঞ্চলত এগৰাকী যুৱতীৰ মৃতদেহ উদ্ধাৰ হয়। ঘটনাটোৱে অঞ্চলটোত চাঞ্চল্যৰ সৃষ্টি কৰে। আৰক্ষীয়ে মৃতদেহটো ময়নাতদন্তৰ বাবে প্ৰেৰণ কৰে আৰু ঘটনাৰ তদন্ত আৰম্ভ কৰিছে।

গুৱাহাটী মহানগৰৰ এটা অঞ্চলত এগৰাকী যুৱতীৰ মৃতদেহ উদ্ধাৰ হয়। ঘটনাটোৱে অঞ্চলটোত চাঞ্চল্যৰ সৃষ্টি কৰে। আৰক্ষীয়ে মৃতদেহটো ময়নাতদন্তৰ বাবে প্ৰেৰণ কৰে আৰু ঘটনাৰ তদন্ত আৰম্ভ কৰিছে।

গুৱাহাটী মহানগৰৰ এটা অঞ্চলত এগৰাকী যুৱতীৰ মৃতদেহ উদ্ধাৰ হয়। ঘটনাটোৱে অঞ্চলটোত চাঞ্চল্যৰ সৃষ্টি কৰে। আৰক্ষীয়ে মৃতদেহটো ময়নাতদন্তৰ বাবে প্ৰেৰণ কৰে আৰু ঘটনাৰ তদন্ত আৰম্ভ কৰিছে।

বিভাজনৰ ৰাজনীতি...

সাম্প্ৰতিক সময়ত বিভাজনৰ ৰাজনীতিয়ে সমাজত বিভেদৰ সৃষ্টি কৰিছে বুলি বিৰোধী দলে অভিযোগ উত্থাপন কৰে। ৰাইজক এনে ৰাজনীতিৰ পৰা সতৰ্ক থাকিবলৈ আহ্বান জনোৱা হয়।

সাম্প্ৰতিক সময়ত বিভাজনৰ ৰাজনীতিয়ে সমাজত বিভেদৰ সৃষ্টি কৰিছে বুলি বিৰোধী দলে অভিযোগ উত্থাপন কৰে। ৰাইজক এনে ৰাজনীতিৰ পৰা সতৰ্ক থাকিবলৈ আহ্বান জনোৱা হয়।

সাম্প্ৰতিক সময়ত বিভাজনৰ ৰাজনীতিয়ে সমাজত বিভেদৰ সৃষ্টি কৰিছে বুলি বিৰোধী দলে অভিযোগ উত্থাপন কৰে। ৰাইজক এনে ৰাজনীতিৰ পৰা সতৰ্ক থাকিবলৈ আহ্বান জনোৱা হয়।

সাম্প্ৰতিক সময়ত বিভাজনৰ ৰাজনীতিয়ে সমাজত বিভেদৰ সৃষ্টি কৰিছে বুলি বিৰোধী দলে অভিযোগ উত্থাপন কৰে। ৰাইজক এনে ৰাজনীতিৰ পৰা সতৰ্ক থাকিবলৈ আহ্বান জনোৱা হয়।

সাম্প্ৰতিক সময়ত বিভাজনৰ ৰাজনীতিয়ে সমাজত বিভেদৰ সৃষ্টি কৰিছে বুলি বিৰোধী দলে অভিযোগ উত্থাপন কৰে। ৰাইজক এনে ৰাজনীতিৰ পৰা সতৰ্ক থাকিবলৈ আহ্বান জনোৱা হয়।

সাম্প্ৰতিক সময়ত বিভাজনৰ ৰাজনীতিয়ে সমাজত বিভেদৰ সৃষ্টি কৰিছে বুলি বিৰোধী দলে অভিযোগ উত্থাপন কৰে। ৰাইজক এনে ৰাজনীতিৰ পৰা সতৰ্ক থাকিবলৈ আহ্বান জনোৱা হয়।
